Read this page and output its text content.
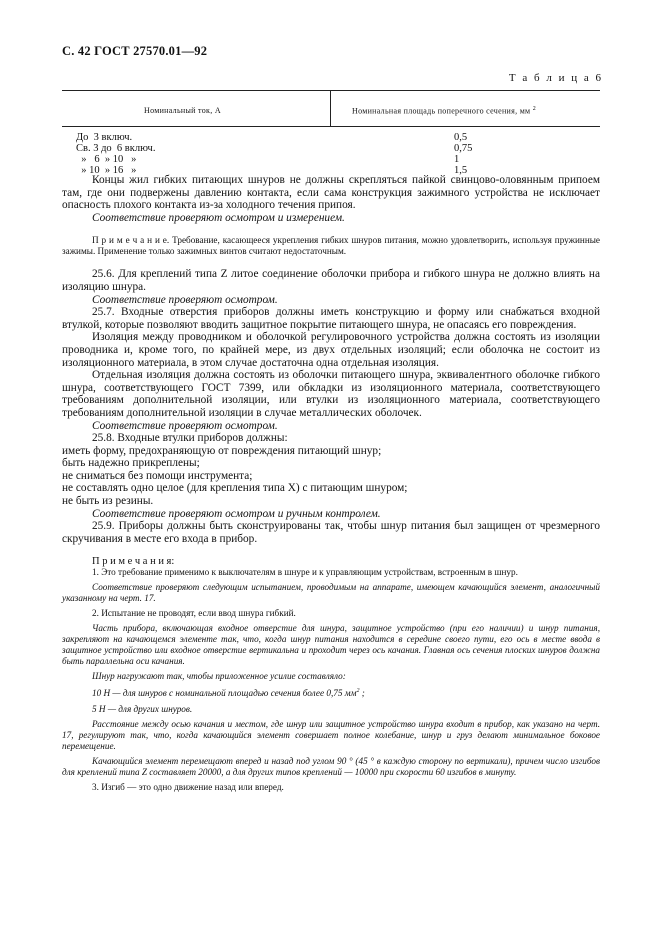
С. 42 ГОСТ 27570.01—92
Т а б л и ц а 6
Номинальный ток, А	Номинальная площадь поперечного сечения, мм $^2$
До  3 включ.	0,5
Св. 3 до  6 включ.	0,75
»   6  » 10   »	1
» 10  » 16   »	1,5

Концы жил гибких питающих шнуров не должны скрепляться пайкой свинцово-оловянным припоем там, где они подвержены давлению контакта, если сама конструкция зажимного устройства не исключает опасность плохого контакта из-за холодного течения припоя.

Соответствие проверяют осмотром и измерением.

П р и м е ч а н и е. Требование, касающееся укрепления гибких шнуров питания, можно удовлетворить, используя пружинные зажимы. Применение только зажимных винтов считают недостаточным.

25.6. Для креплений типа Z литое соединение оболочки прибора и гибкого шнура не должно влиять на изоляцию шнура.

Соответствие проверяют осмотром.

25.7. Входные отверстия приборов должны иметь конструкцию и форму или снабжаться входной втулкой, которые позволяют вводить защитное покрытие питающего шнура, не опасаясь его повреждения.

Изоляция между проводником и оболочкой регулировочного устройства должна состоять из изоляции проводника и, кроме того, по крайней мере, из двух отдельных изоляций; если оболочка не состоит из изоляционного материала, в этом случае достаточна одна отдельная изоляция.

Отдельная изоляция должна состоять из оболочки питающего шнура, эквивалентного оболочке гибкого шнура, соответствующего ГОСТ 7399, или обкладки из изоляционного материала, соответствующего требованиям дополнительной изоляции, или втулки из изоляционного материала, соответствующего требованиям дополнительной изоляции в случае металлических оболочек.

Соответствие проверяют осмотром.

25.8. Входные втулки приборов должны:

иметь форму, предохраняющую от повреждения питающий шнур;

быть надежно прикреплены;

не сниматься без помощи инструмента;

не составлять одно целое (для крепления типа X) с питающим шнуром;

не быть из резины.

Соответствие проверяют осмотром и ручным контролем.

25.9. Приборы должны быть сконструированы так, чтобы шнур питания был защищен от чрезмерного скручивания в месте его входа в прибор.

П р и м е ч а н и я:

1. Это требование применимо к выключателям в шнуре и к управляющим устройствам, встроенным в шнур.

Соответствие проверяют следующим испытанием, проводимым на аппарате, имеющем качающийся элемент, аналогичный указанному на черт. 17.

2. Испытание не проводят, если ввод шнура гибкий.

Часть прибора, включающая входное отверстие для шнура, защитное устройство (при его наличии) и шнур питания, закрепляют на качающемся элементе так, что, когда шнур питания находится в середине своего пути, его ось в месте ввода в защитное устройство или входное отверстие вертикальна и проходит через ось качания. Главная ось сечения плоских шнуров должна быть параллельна оси качания.

Шнур нагружают так, чтобы приложенное усилие составляло:

10 Н — для шнуров с номинальной площадью сечения более 0,75 $мм^2$ ;

5 Н — для других шнуров.

Расстояние между осью качания и местом, где шнур или защитное устройство шнура входит в прибор, как указано на черт. 17, регулируют так, что, когда качающийся элемент совершает полное колебание, шнур и груз делают минимальное боковое перемещение.

Качающийся элемент перемещают вперед и назад под углом 90 ° (45 ° в каждую сторону по вертикали), причем число изгибов для креплений типа Z составляет 20000, а для других типов креплений — 10000 при скорости 60 изгибов в минуту.

3. Изгиб — это одно движение назад или вперед.
